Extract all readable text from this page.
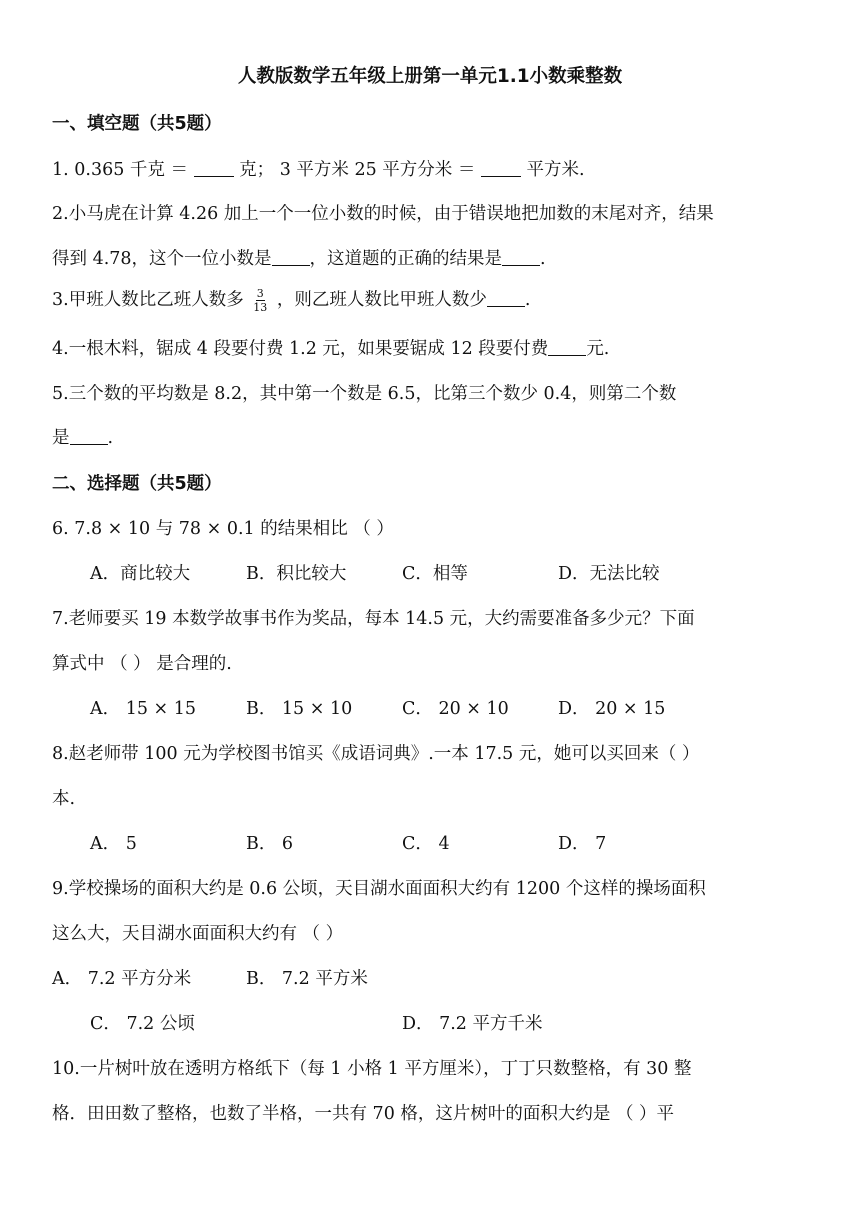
人教版数学五年级上册第一单元1.1小数乘整数
一、填空题（共5题）
1. 0.365 千克 ＝	克； 3 平方米 25 平方分米 ＝	平方米.
2.小马虎在计算 4.26 加上一个一位小数的时候，由于错误地把加数的末尾对齐，结果
得到 4.78，这个一位小数是 ，这道题的正确的结果是 .
3.甲班人数比乙班人数多 $\frac{3}{13}$ ，则乙班人数比甲班人数少 .
4.一根木料，锯成 4 段要付费 1.2 元，如果要锯成 12 段要付费 元.
5.三个数的平均数是 8.2，其中第一个数是 6.5，比第三个数少 0.4，则第二个数
是 .
二、选择题（共5题）
6. 7.8 × 10 与 78 × 0.1 的结果相比 （ ）
A．商比较大	B．积比较大	C．相等	D．无法比较
7.老师要买 19 本数学故事书作为奖品，每本 14.5 元，大约需要准备多少元？下面
算式中 （ ） 是合理的.
A． 15 × 15	B． 15 × 10	C． 20 × 10	D． 20 × 15
8.赵老师带 100 元为学校图书馆买《成语词典》.一本 17.5 元，她可以买回来（ ）
本.
A． 5	B． 6	C． 4	D． 7
9.学校操场的面积大约是 0.6 公顷，天目湖水面面积大约有 1200 个这样的操场面积
这么大，天目湖水面面积大约有 （ ）
A． 7.2 平方分米	B． 7.2 平方米
C． 7.2 公顷	D． 7.2 平方千米
10.一片树叶放在透明方格纸下（每 1 小格 1 平方厘米），丁丁只数整格，有 30 整
格．田田数了整格，也数了半格，一共有 70 格，这片树叶的面积大约是 （ ）平
